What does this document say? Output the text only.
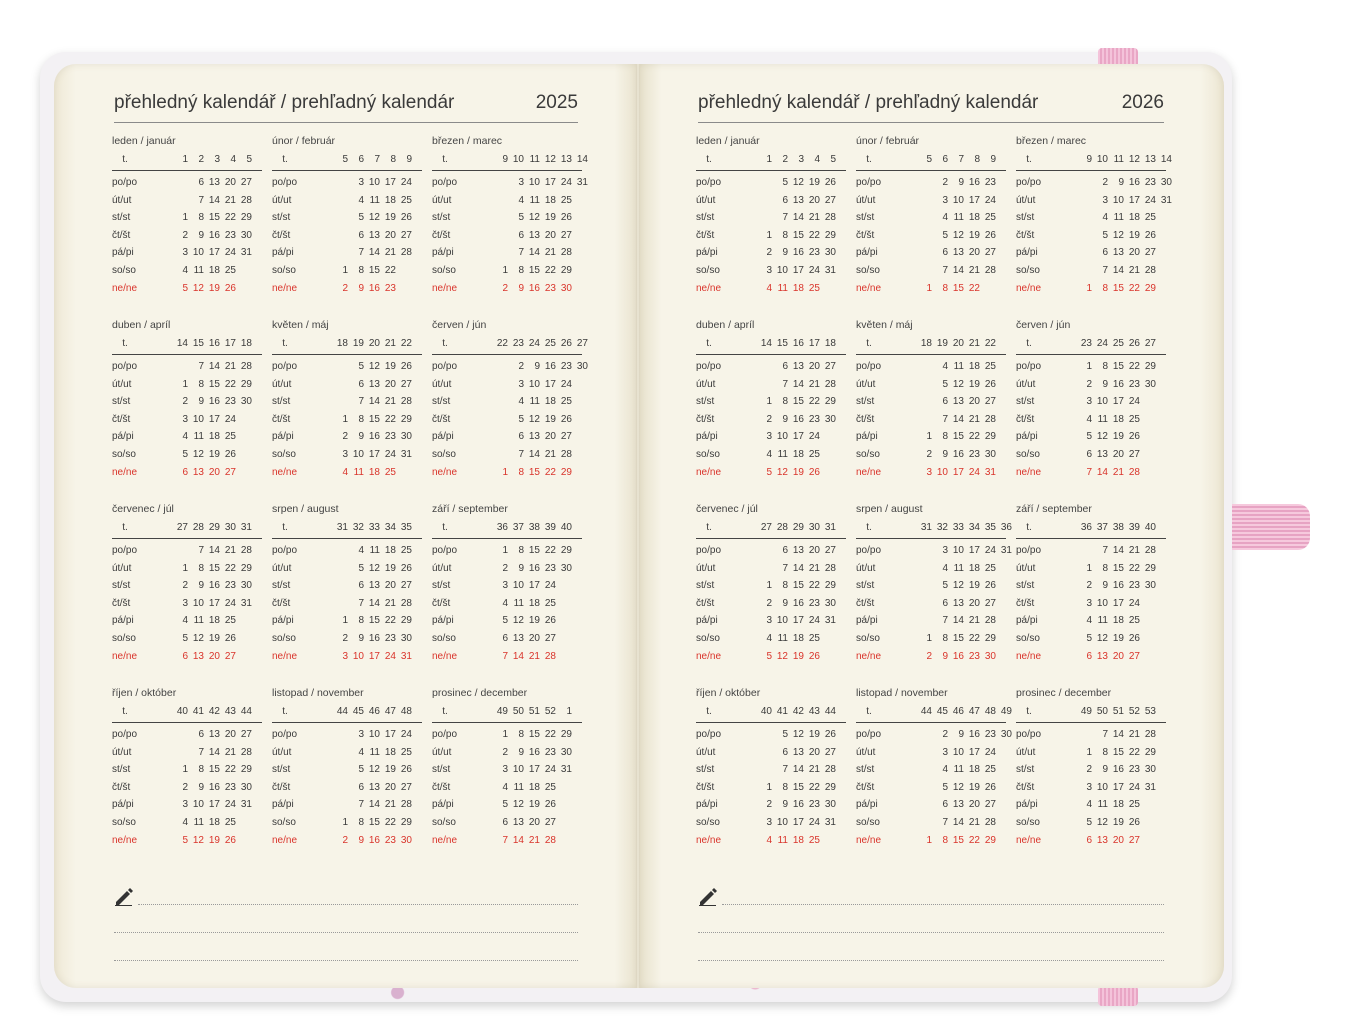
přehledný kalendář / prehľadný kalendár	2025
leden / január
t.	1	2	3	4	5
po/po	6 13 20 27
út/ut	7 14 21 28
st/st	1	8 15 22 29
čt/št	2	9 16 23 30
pá/pi	3 10 17 24 31
so/so	4 11 18 25
ne/ne	5 12 19 26
únor / február
t.	5	6	7	8	9
po/po	3 10 17 24
út/ut	4 11 18 25
st/st	5 12 19 26
čt/št	6 13 20 27
pá/pi	7 14 21 28
so/so	1	8 15 22
ne/ne	2	9 16 23
březen / marec
t.	9 10 11 12 13 14
po/po	3 10 17 24 31
út/ut	4 11 18 25
st/st	5 12 19 26
čt/št	6 13 20 27
pá/pi	7 14 21 28
so/so	1	8 15 22 29
ne/ne	2	9 16 23 30
duben / apríl
t.	14 15 16 17 18
po/po	7 14 21 28
út/ut	1	8 15 22 29
st/st	2	9 16 23 30
čt/št	3 10 17 24
pá/pi	4 11 18 25
so/so	5 12 19 26
ne/ne	6 13 20 27
květen / máj
t.	18 19 20 21 22
po/po	5 12 19 26
út/ut	6 13 20 27
st/st	7 14 21 28
čt/št	1	8 15 22 29
pá/pi	2	9 16 23 30
so/so	3 10 17 24 31
ne/ne	4 11 18 25
červen / jún
t.	22 23 24 25 26 27
po/po	2	9 16 23 30
út/ut	3 10 17 24
st/st	4 11 18 25
čt/št	5 12 19 26
pá/pi	6 13 20 27
so/so	7 14 21 28
ne/ne	1	8 15 22 29
červenec / júl
t.	27 28 29 30 31
po/po	7 14 21 28
út/ut	1	8 15 22 29
st/st	2	9 16 23 30
čt/št	3 10 17 24 31
pá/pi	4 11 18 25
so/so	5 12 19 26
ne/ne	6 13 20 27
srpen / august
t.	31 32 33 34 35
po/po	4 11 18 25
út/ut	5 12 19 26
st/st	6 13 20 27
čt/št	7 14 21 28
pá/pi	1	8 15 22 29
so/so	2	9 16 23 30
ne/ne	3 10 17 24 31
září / september
t.	36 37 38 39 40
po/po	1	8 15 22 29
út/ut	2	9 16 23 30
st/st	3 10 17 24
čt/št	4 11 18 25
pá/pi	5 12 19 26
so/so	6 13 20 27
ne/ne	7 14 21 28
říjen / október
t.	40 41 42 43 44
po/po	6 13 20 27
út/ut	7 14 21 28
st/st	1	8 15 22 29
čt/št	2	9 16 23 30
pá/pi	3 10 17 24 31
so/so	4 11 18 25
ne/ne	5 12 19 26
listopad / november
t.	44 45 46 47 48
po/po	3 10 17 24
út/ut	4 11 18 25
st/st	5 12 19 26
čt/št	6 13 20 27
pá/pi	7 14 21 28
so/so	1	8 15 22 29
ne/ne	2	9 16 23 30
prosinec / december
t.	49 50 51 52	1
po/po	1	8 15 22 29
út/ut	2	9 16 23 30
st/st	3 10 17 24 31
čt/št	4 11 18 25
pá/pi	5 12 19 26
so/so	6 13 20 27
ne/ne	7 14 21 28
přehledný kalendář / prehľadný kalendár	2026
leden / január
t.	1	2	3	4	5
po/po	5 12 19 26
út/ut	6 13 20 27
st/st	7 14 21 28
čt/št	1	8 15 22 29
pá/pi	2	9 16 23 30
so/so	3 10 17 24 31
ne/ne	4 11 18 25
únor / február
t.	5	6	7	8	9
po/po	2	9 16 23
út/ut	3 10 17 24
st/st	4 11 18 25
čt/št	5 12 19 26
pá/pi	6 13 20 27
so/so	7 14 21 28
ne/ne	1	8 15 22
březen / marec
t.	9 10 11 12 13 14
po/po	2	9 16 23 30
út/ut	3 10 17 24 31
st/st	4 11 18 25
čt/št	5 12 19 26
pá/pi	6 13 20 27
so/so	7 14 21 28
ne/ne	1	8 15 22 29
duben / apríl
t.	14 15 16 17 18
po/po	6 13 20 27
út/ut	7 14 21 28
st/st	1	8 15 22 29
čt/št	2	9 16 23 30
pá/pi	3 10 17 24
so/so	4 11 18 25
ne/ne	5 12 19 26
květen / máj
t.	18 19 20 21 22
po/po	4 11 18 25
út/ut	5 12 19 26
st/st	6 13 20 27
čt/št	7 14 21 28
pá/pi	1	8 15 22 29
so/so	2	9 16 23 30
ne/ne	3 10 17 24 31
červen / jún
t.	23 24 25 26 27
po/po	1	8 15 22 29
út/ut	2	9 16 23 30
st/st	3 10 17 24
čt/št	4 11 18 25
pá/pi	5 12 19 26
so/so	6 13 20 27
ne/ne	7 14 21 28
červenec / júl
t.	27 28 29 30 31
po/po	6 13 20 27
út/ut	7 14 21 28
st/st	1	8 15 22 29
čt/št	2	9 16 23 30
pá/pi	3 10 17 24 31
so/so	4 11 18 25
ne/ne	5 12 19 26
srpen / august
t.	31 32 33 34 35 36
po/po	3 10 17 24 31
út/ut	4 11 18 25
st/st	5 12 19 26
čt/št	6 13 20 27
pá/pi	7 14 21 28
so/so	1	8 15 22 29
ne/ne	2	9 16 23 30
září / september
t.	36 37 38 39 40
po/po	7 14 21 28
út/ut	1	8 15 22 29
st/st	2	9 16 23 30
čt/št	3 10 17 24
pá/pi	4 11 18 25
so/so	5 12 19 26
ne/ne	6 13 20 27
říjen / október
t.	40 41 42 43 44
po/po	5 12 19 26
út/ut	6 13 20 27
st/st	7 14 21 28
čt/št	1	8 15 22 29
pá/pi	2	9 16 23 30
so/so	3 10 17 24 31
ne/ne	4 11 18 25
listopad / november
t.	44 45 46 47 48 49
po/po	2	9 16 23 30
út/ut	3 10 17 24
st/st	4 11 18 25
čt/št	5 12 19 26
pá/pi	6 13 20 27
so/so	7 14 21 28
ne/ne	1	8 15 22 29
prosinec / december
t.	49 50 51 52 53
po/po	7 14 21 28
út/ut	1	8 15 22 29
st/st	2	9 16 23 30
čt/št	3 10 17 24 31
pá/pi	4 11 18 25
so/so	5 12 19 26
ne/ne	6 13 20 27
